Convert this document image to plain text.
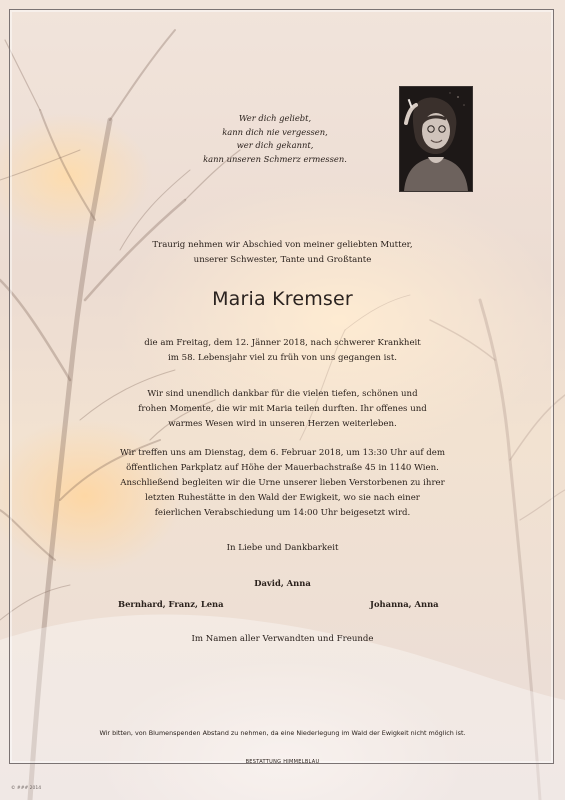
Wer dich geliebt,
kann dich nie vergessen,
wer dich gekannt,
kann unseren Schmerz ermessen.
Traurig nehmen wir Abschied von meiner geliebten Mutter,
unserer Schwester, Tante und Großtante
Maria Kremser
die am Freitag, dem 12. Jänner 2018, nach schwerer Krankheit
im 58. Lebensjahr viel zu früh von uns gegangen ist.
Wir sind unendlich dankbar für die vielen tiefen, schönen und
frohen Momente, die wir mit Maria teilen durften. Ihr offenes und
warmes Wesen wird in unseren Herzen weiterleben.
Wir treffen uns am Dienstag, dem 6. Februar 2018, um 13:30 Uhr auf dem
öffentlichen Parkplatz auf Höhe der Mauerbachstraße 45 in 1140 Wien.
Anschließend begleiten wir die Urne unserer lieben Verstorbenen zu ihrer
letzten Ruhestätte in den Wald der Ewigkeit, wo sie nach einer
feierlichen Verabschiedung um 14:00 Uhr beigesetzt wird.
In Liebe und Dankbarkeit
David, Anna
Bernhard, Franz, Lena	Johanna, Anna
Im Namen aller Verwandten und Freunde
Wir bitten, von Blumenspenden Abstand zu nehmen, da eine Niederlegung im Wald der Ewigkeit nicht möglich ist.
BESTATTUNG HIMMELBLAU
© ### 2014
